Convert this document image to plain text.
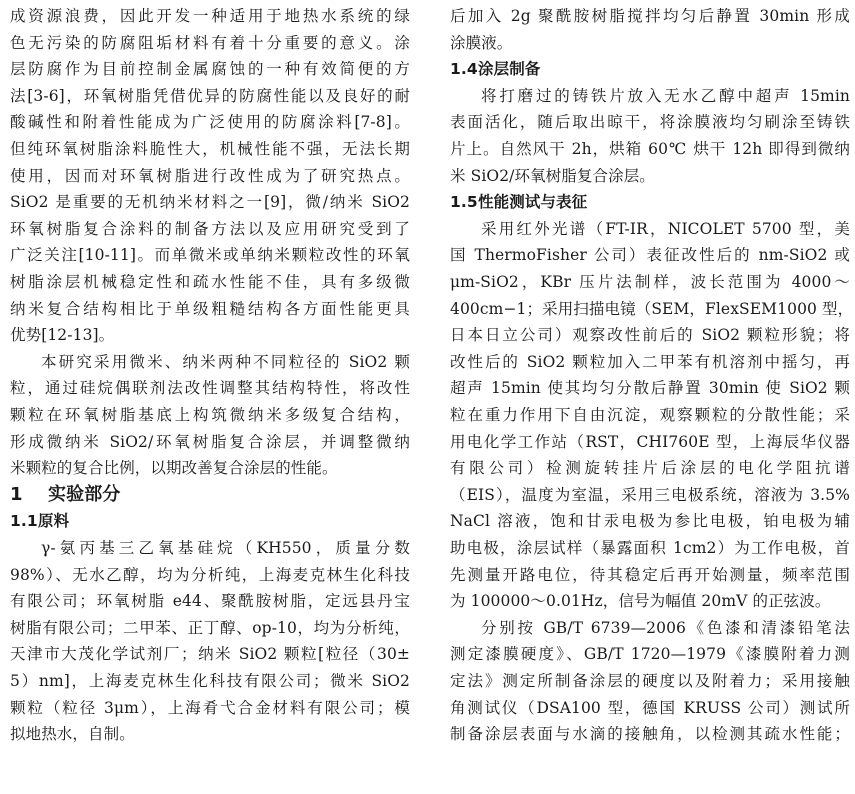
成资源浪费，因此开发一种适用于地热水系统的绿
色无污染的防腐阻垢材料有着十分重要的意义。涂
层防腐作为目前控制金属腐蚀的一种有效简便的方
法[3-6]，环氧树脂凭借优异的防腐性能以及良好的耐
酸碱性和附着性能成为广泛使用的防腐涂料[7-8]。
但纯环氧树脂涂料脆性大，机械性能不强，无法长期
使用，因而对环氧树脂进行改性成为了研究热点。
SiO2 是重要的无机纳米材料之一[9]，微/纳米 SiO2
环氧树脂复合涂料的制备方法以及应用研究受到了
广泛关注[10-11]。而单微米或单纳米颗粒改性的环氧
树脂涂层机械稳定性和疏水性能不佳，具有多级微
纳米复合结构相比于单级粗糙结构各方面性能更具
优势[12-13]。
本研究采用微米、纳米两种不同粒径的 SiO2 颗
粒，通过硅烷偶联剂法改性调整其结构特性，将改性
颗粒在环氧树脂基底上构筑微纳米多级复合结构，
形成微纳米 SiO2/环氧树脂复合涂层，并调整微纳
米颗粒的复合比例，以期改善复合涂层的性能。
1 实验部分
1.1原料
γ-氨丙基三乙氧基硅烷（KH550，质量分数
98%）、无水乙醇，均为分析纯，上海麦克林生化科技
有限公司；环氧树脂 e44、聚酰胺树脂，定远县丹宝
树脂有限公司；二甲苯、正丁醇、op-10，均为分析纯，
天津市大茂化学试剂厂；纳米 SiO2 颗粒[粒径（30±
5）nm]，上海麦克林生化科技有限公司；微米 SiO2
颗粒（粒径 3μm），上海肴弋合金材料有限公司；模
拟地热水，自制。
后加入 2g 聚酰胺树脂搅拌均匀后静置 30min 形成
涂膜液。
1.4涂层制备
将打磨过的铸铁片放入无水乙醇中超声 15min
表面活化，随后取出晾干，将涂膜液均匀刷涂至铸铁
片上。自然风干 2h，烘箱 60℃ 烘干 12h 即得到微纳
米 SiO2/环氧树脂复合涂层。
1.5性能测试与表征
采用红外光谱（FT-IR，NICOLET 5700 型，美
国 ThermoFisher 公司）表征改性后的 nm-SiO2 或
μm-SiO2，KBr 压片法制样，波长范围为 4000～
400cm−1；采用扫描电镜（SEM，FlexSEM1000 型，
日本日立公司）观察改性前后的 SiO2 颗粒形貌；将
改性后的 SiO2 颗粒加入二甲苯有机溶剂中摇匀，再
超声 15min 使其均匀分散后静置 30min 使 SiO2 颗
粒在重力作用下自由沉淀，观察颗粒的分散性能；采
用电化学工作站（RST，CHI760E 型，上海辰华仪器
有限公司）检测旋转挂片后涂层的电化学阻抗谱
（EIS），温度为室温，采用三电极系统，溶液为 3.5%
NaCl 溶液，饱和甘汞电极为参比电极，铂电极为辅
助电极，涂层试样（暴露面积 1cm2）为工作电极，首
先测量开路电位，待其稳定后再开始测量，频率范围
为 100000～0.01Hz，信号为幅值 20mV 的正弦波。
分别按 GB/T 6739—2006《色漆和清漆铅笔法
测定漆膜硬度》、GB/T 1720—1979《漆膜附着力测
定法》测定所制备涂层的硬度以及附着力；采用接触
角测试仪（DSA100 型，德国 KRUSS 公司）测试所
制备涂层表面与水滴的接触角，以检测其疏水性能；
